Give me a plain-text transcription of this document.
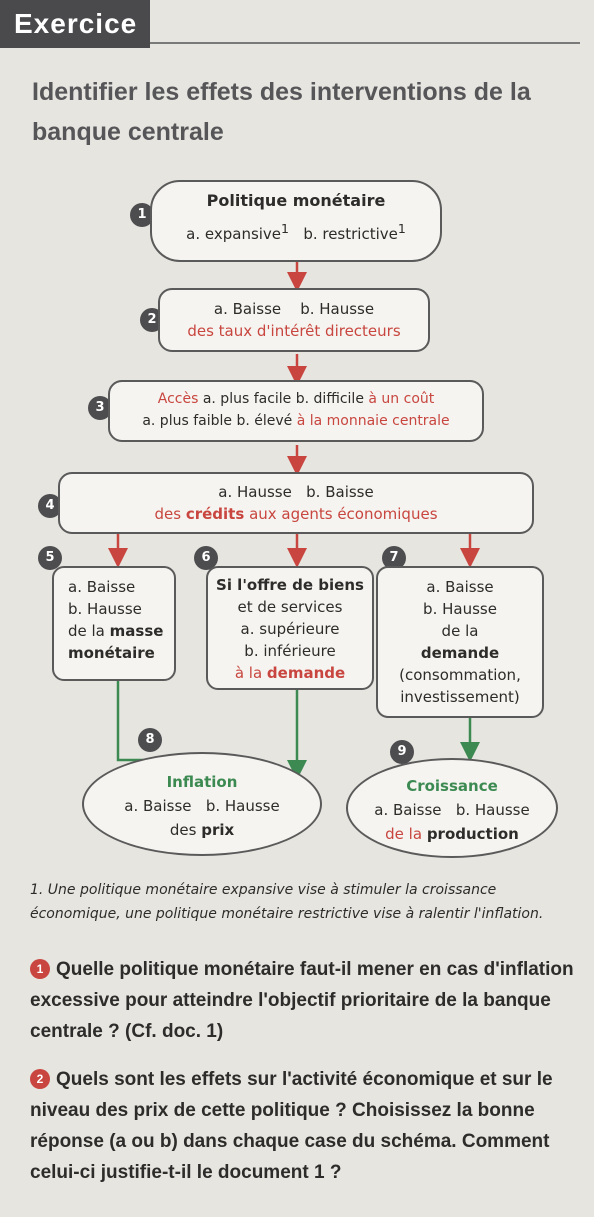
Exercice
Identifier les effets des interventions de la banque centrale
1
Politique monétaire
a. expansive$^1$ b. restrictive$^1$
2
a. Baisse    b. Hausse
des taux d'intérêt directeurs
3
Accès a. plus facile b. difficile à un coût
a. plus faible b. élevé à la monnaie centrale
4
a. Hausse   b. Baisse
des crédits aux agents économiques
5
a. Baisse
b. Hausse
de la masse
monétaire
6
Si l'offre de biens
et de services
a. supérieure
b. inférieure
à la demande
7
a. Baisse
b. Hausse
de la
demande
(consommation,
investissement)
8
Inflation
a. Baisse   b. Hausse
des prix
9
Croissance
a. Baisse   b. Hausse
de la production
1. Une politique monétaire expansive vise à stimuler la croissance économique, une politique monétaire restrictive vise à ralentir l'inflation.
1 Quelle politique monétaire faut-il mener en cas d'inflation excessive pour atteindre l'objectif prioritaire de la banque centrale ? (Cf. doc. 1)
2 Quels sont les effets sur l'activité économique et sur le niveau des prix de cette politique ? Choisissez la bonne réponse (a ou b) dans chaque case du schéma. Comment celui-ci justifie-t-il le document 1 ?
